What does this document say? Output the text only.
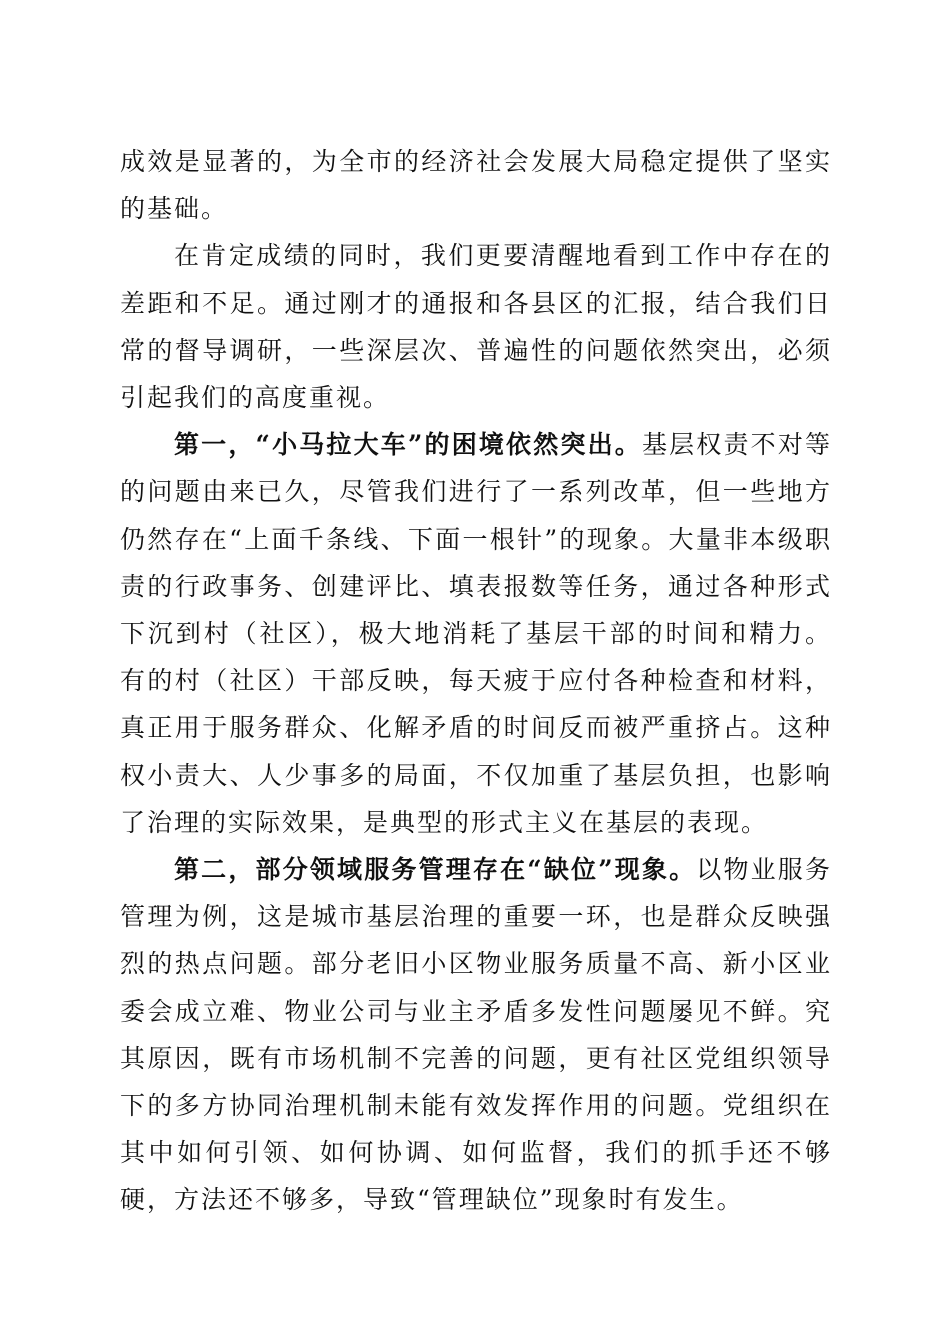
成效是显著的，为全市的经济社会发展大局稳定提供了坚实的基础。

在肯定成绩的同时，我们更要清醒地看到工作中存在的差距和不足。通过刚才的通报和各县区的汇报，结合我们日常的督导调研，一些深层次、普遍性的问题依然突出，必须引起我们的高度重视。

第一，“小马拉大车”的困境依然突出。基层权责不对等的问题由来已久，尽管我们进行了一系列改革，但一些地方仍然存在“上面千条线、下面一根针”的现象。大量非本级职责的行政事务、创建评比、填表报数等任务，通过各种形式下沉到村（社区），极大地消耗了基层干部的时间和精力。有的村（社区）干部反映，每天疲于应付各种检查和材料，真正用于服务群众、化解矛盾的时间反而被严重挤占。这种权小责大、人少事多的局面，不仅加重了基层负担，也影响了治理的实际效果，是典型的形式主义在基层的表现。

第二，部分领域服务管理存在“缺位”现象。以物业服务管理为例，这是城市基层治理的重要一环，也是群众反映强烈的热点问题。部分老旧小区物业服务质量不高、新小区业委会成立难、物业公司与业主矛盾多发性问题屡见不鲜。究其原因，既有市场机制不完善的问题，更有社区党组织领导下的多方协同治理机制未能有效发挥作用的问题。党组织在其中如何引领、如何协调、如何监督，我们的抓手还不够硬，方法还不够多，导致“管理缺位”现象时有发生。
